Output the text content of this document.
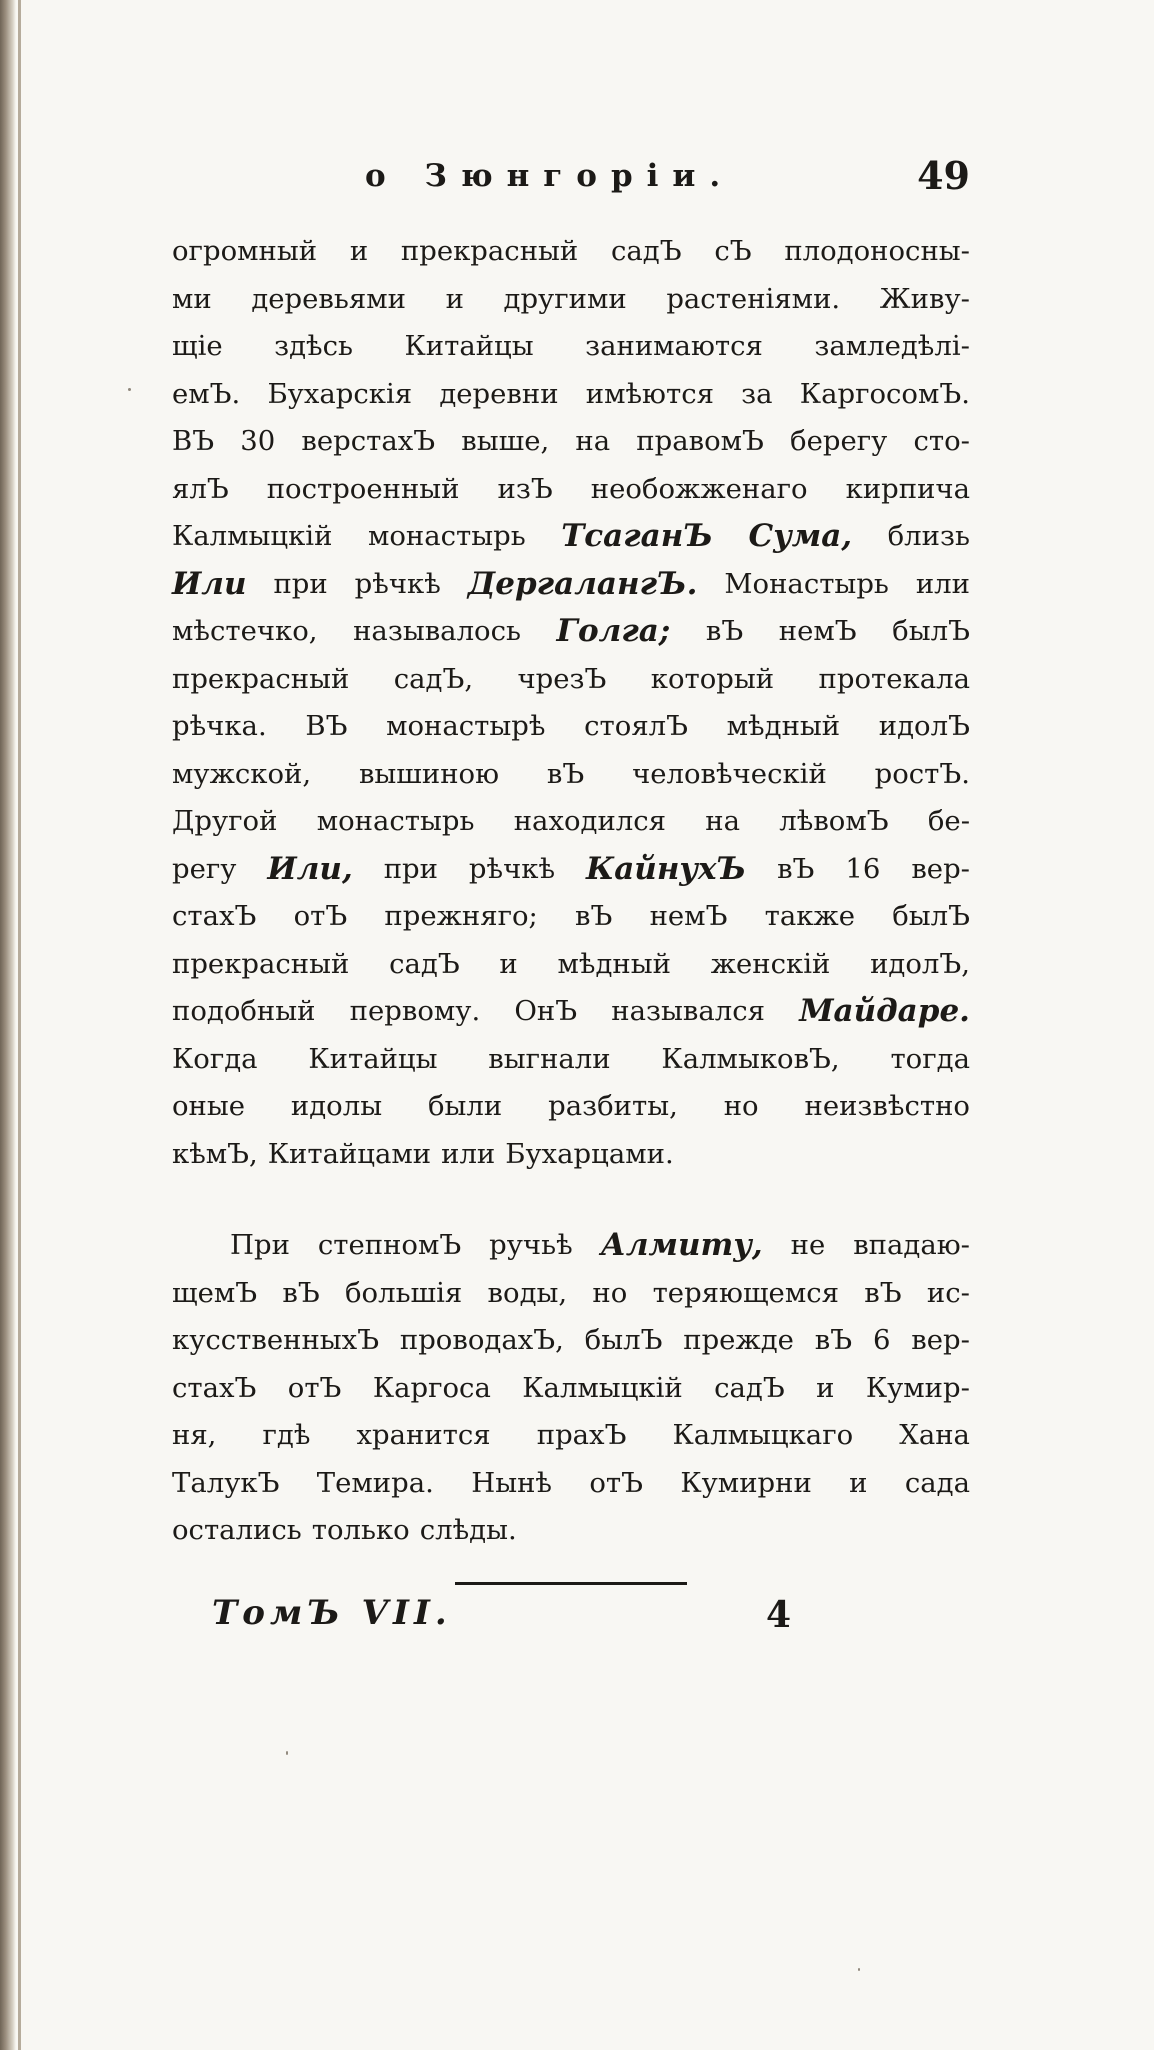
о Зюнгоріи.	49
огромный и прекрасный садЪ сЪ плодоносны-
ми деревьями и другими растеніями. Живу-
щіе здѣсь Китайцы занимаются замледѣлі-
емЪ. Бухарскія деревни имѣются за КаргосомЪ.
ВЪ 30 верстахЪ выше, на правомЪ берегу сто-
ялЪ построенный изЪ необожженаго кирпича
Калмыцкій монастырь ТсаганЪ Сума, близь
Или при рѣчкѣ ДергалангЪ. Монастырь или
мѣстечко, называлось Голга; вЪ немЪ былЪ
прекрасный садЪ, чрезЪ который протекала
рѣчка. ВЪ монастырѣ стоялЪ мѣдный идолЪ
мужской, вышиною вЪ человѣческій ростЪ.
Другой монастырь находился на лѣвомЪ бе-
регу Или, при рѣчкѣ КайнухЪ вЪ 16 вер-
стахЪ отЪ прежняго; вЪ немЪ также былЪ
прекрасный садЪ и мѣдный женскій идолЪ,
подобный первому. ОнЪ назывался Майдаре.
Когда Китайцы выгнали КалмыковЪ, тогда
оные идолы были разбиты, но неизвѣстно
кѣмЪ, Китайцами или Бухарцами.
При степномЪ ручьѣ Алмиту, не впадаю-
щемЪ вЪ большія воды, но теряющемся вЪ ис-
кусственныхЪ проводахЪ, былЪ прежде вЪ 6 вер-
стахЪ отЪ Каргоса Калмыцкій садЪ и Кумир-
ня, гдѣ хранится прахЪ Калмыцкаго Хана
ТалукЪ Темира. Нынѣ отЪ Кумирни и сада
остались только слѣды.
ТомЪ VII.	4
